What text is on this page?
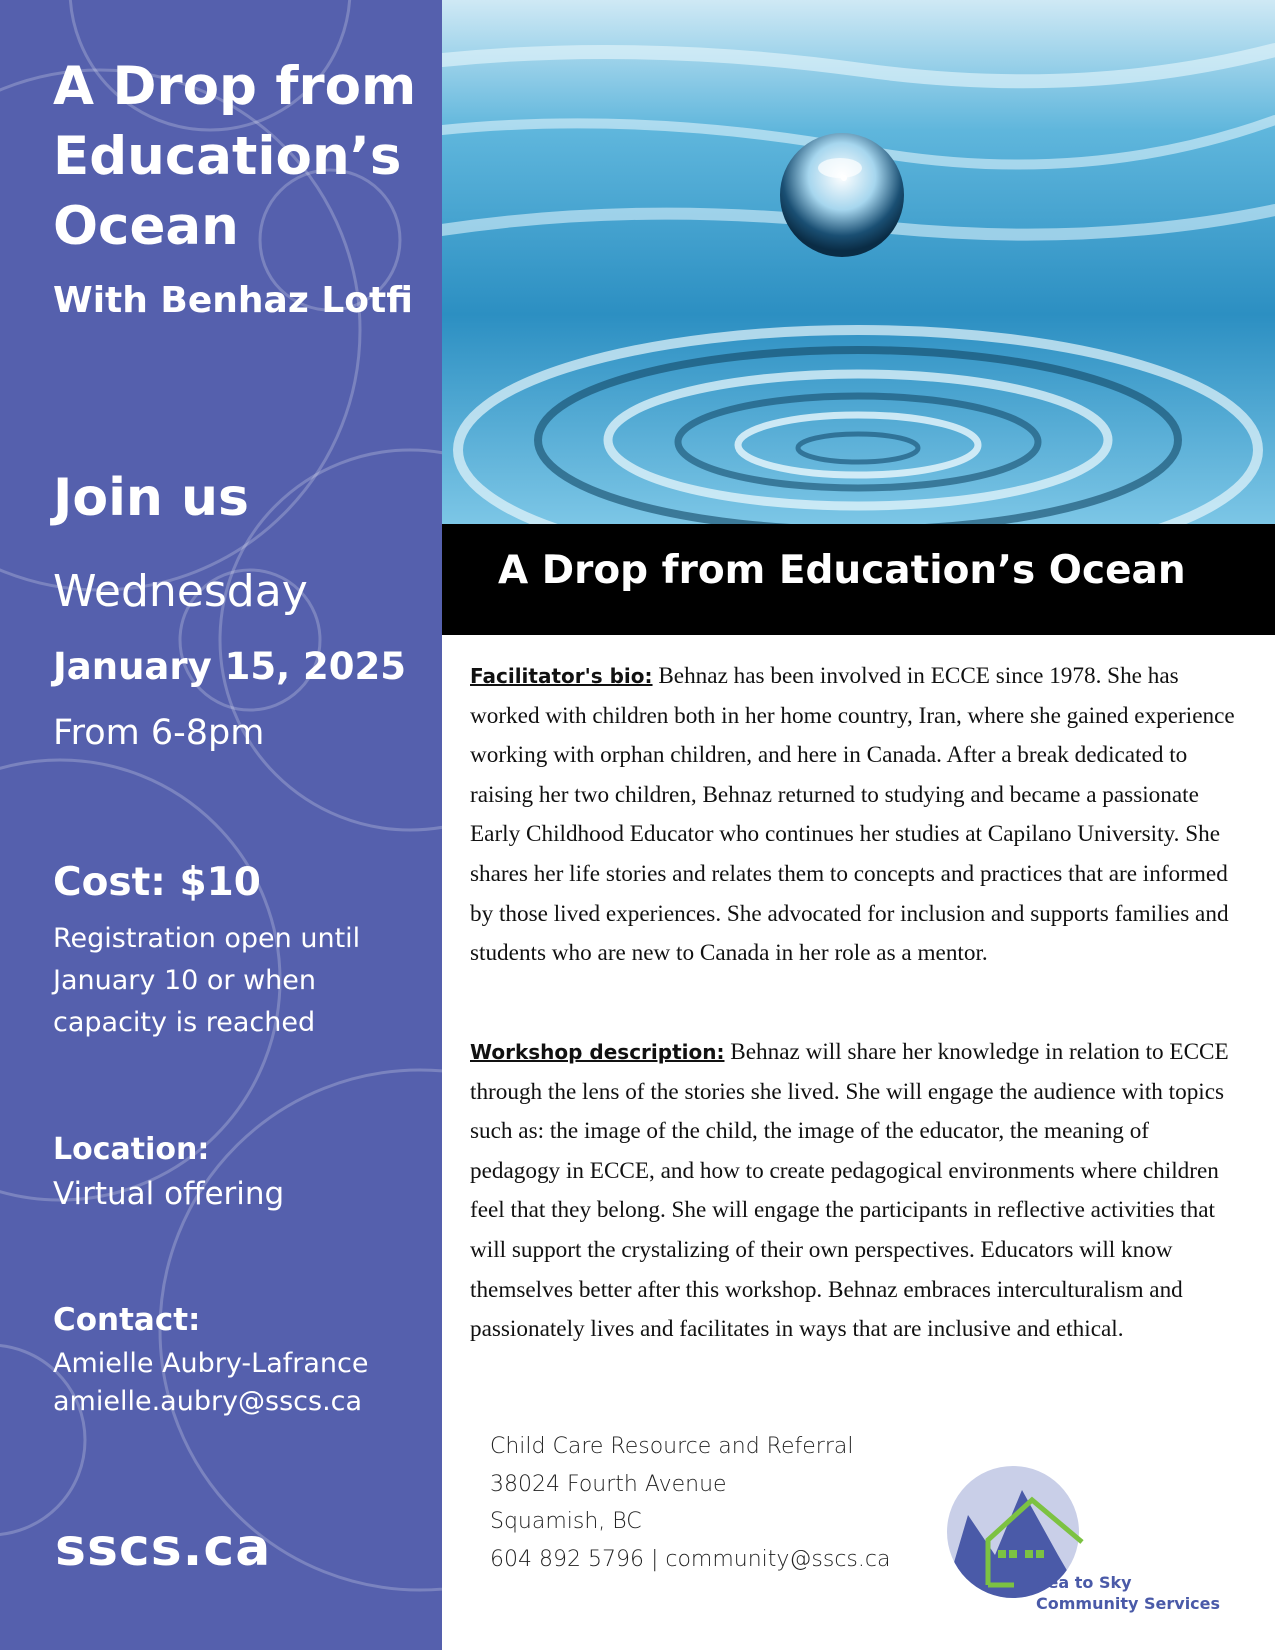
A Drop from Education’s Ocean
With Benhaz Lotfi
Join us
Wednesday
January 15, 2025
From 6-8pm
Cost: $10
Registration open until January 10 or when capacity is reached
Location:
Virtual offering
Contact:
Amielle Aubry-Lafrance
amielle.aubry@sscs.ca
sscs.ca
A Drop from Education’s Ocean

Facilitator's bio: Behnaz has been involved in ECCE since 1978. She has worked with children both in her home country, Iran, where she gained experience working with orphan children, and here in Canada. After a break dedicated to raising her two children, Behnaz returned to studying and became a passionate Early Childhood Educator who continues her studies at Capilano University. She shares her life stories and relates them to concepts and practices that are informed by those lived experiences. She advocated for inclusion and supports families and students who are new to Canada in her role as a mentor.

Workshop description: Behnaz will share her knowledge in relation to ECCE through the lens of the stories she lived. She will engage the audience with topics such as: the image of the child, the image of the educator, the meaning of pedagogy in ECCE, and how to create pedagogical environments where children feel that they belong. She will engage the participants in reflective activities that will support the crystalizing of their own perspectives. Educators will know themselves better after this workshop. Behnaz embraces interculturalism and passionately lives and facilitates in ways that are inclusive and ethical.

Child Care Resource and Referral
38024 Fourth Avenue
Squamish, BC
604 892 5796 | community@sscs.ca
Sea to Sky
Community Services
